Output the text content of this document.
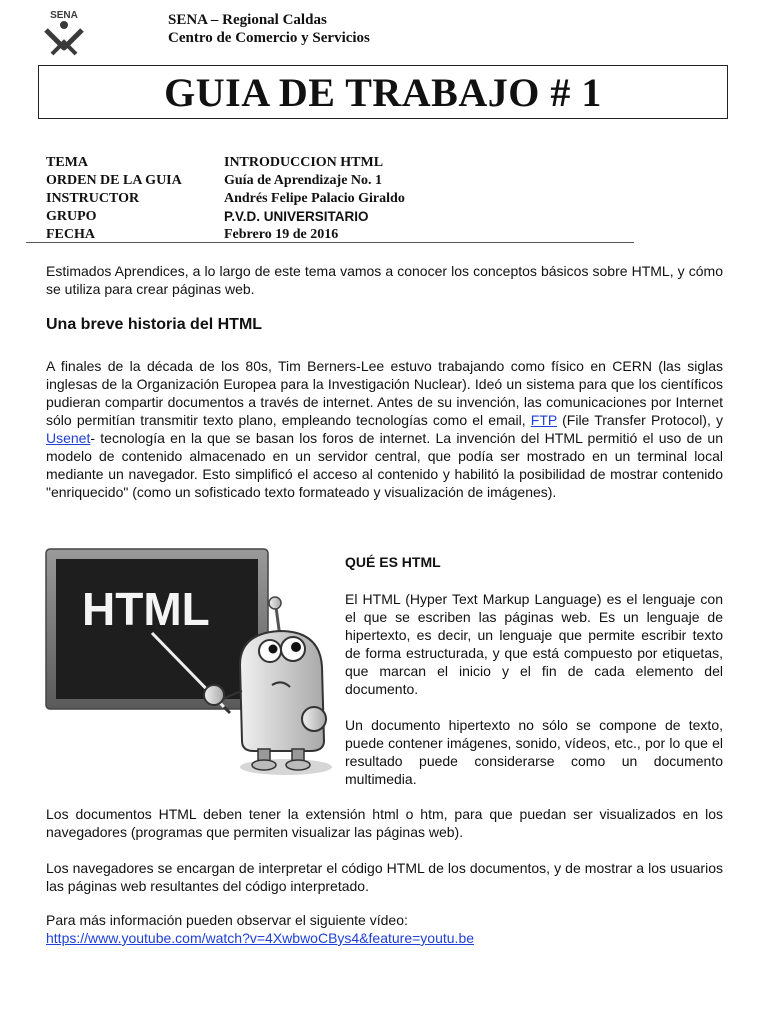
SENA	SENA – Regional Caldas
Centro de Comercio y Servicios
GUIA DE TRABAJO # 1
TEMA	INTRODUCCION HTML
ORDEN DE LA GUIA	Guía de Aprendizaje No. 1
INSTRUCTOR	Andrés Felipe Palacio Giraldo
GRUPO	P.V.D. UNIVERSITARIO
FECHA	Febrero 19 de 2016
Estimados Aprendices, a lo largo de este tema vamos a conocer los conceptos básicos sobre HTML, y cómo se utiliza para crear páginas web.
Una breve historia del HTML
A finales de la década de los 80s, Tim Berners-Lee estuvo trabajando como físico en CERN (las siglas inglesas de la Organización Europea para la Investigación Nuclear). Ideó un sistema para que los científicos pudieran compartir documentos a través de internet. Antes de su invención, las comunicaciones por Internet sólo permitían transmitir texto plano, empleando tecnologías como el email, FTP (File Transfer Protocol), y Usenet- tecnología en la que se basan los foros de internet. La invención del HTML permitió el uso de un modelo de contenido almacenado en un servidor central, que podía ser mostrado en un terminal local mediante un navegador. Esto simplificó el acceso al contenido y habilitó la posibilidad de mostrar contenido "enriquecido" (como un sofisticado texto formateado y visualización de imágenes).
HTML
QUÉ ES HTML
El HTML (Hyper Text Markup Language) es el lenguaje con el que se escriben las páginas web. Es un lenguaje de hipertexto, es decir, un lenguaje que permite escribir texto de forma estructurada, y que está compuesto por etiquetas, que marcan el inicio y el fin de cada elemento del documento.
Un documento hipertexto no sólo se compone de texto, puede contener imágenes, sonido, vídeos, etc., por lo que el resultado puede considerarse como un documento multimedia.
Los documentos HTML deben tener la extensión html o htm, para que puedan ser visualizados en los navegadores (programas que permiten visualizar las páginas web).
Los navegadores se encargan de interpretar el código HTML de los documentos, y de mostrar a los usuarios las páginas web resultantes del código interpretado.
Para más información pueden observar el siguiente vídeo:
https://www.youtube.com/watch?v=4XwbwoCBys4&feature=youtu.be
